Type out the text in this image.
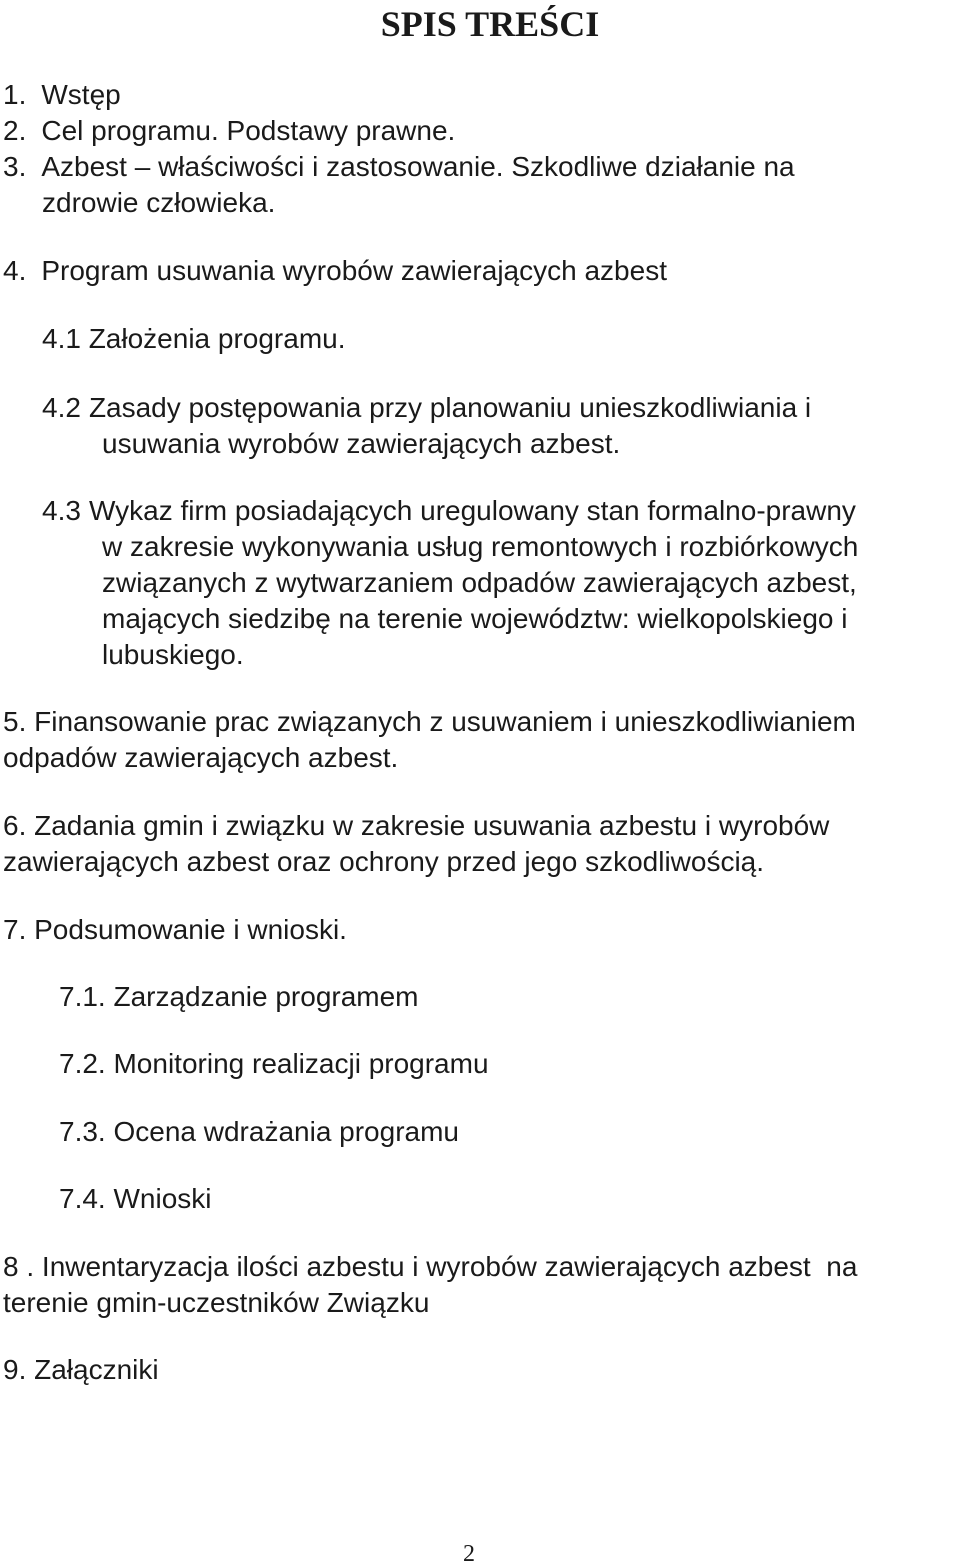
SPIS TREŚCI
1. Wstęp
2. Cel programu. Podstawy prawne.
3. Azbest – właściwości i zastosowanie. Szkodliwe działanie na
zdrowie człowieka.
4. Program usuwania wyrobów zawierających azbest
4.1 Założenia programu.
4.2 Zasady postępowania przy planowaniu unieszkodliwiania i
usuwania wyrobów zawierających azbest.
4.3 Wykaz firm posiadających uregulowany stan formalno-prawny
w zakresie wykonywania usług remontowych i rozbiórkowych
związanych z wytwarzaniem odpadów zawierających azbest,
mających siedzibę na terenie województw: wielkopolskiego i
lubuskiego.
5. Finansowanie prac związanych z usuwaniem i unieszkodliwianiem
odpadów zawierających azbest.
6. Zadania gmin i związku w zakresie usuwania azbestu i wyrobów
zawierających azbest oraz ochrony przed jego szkodliwością.
7. Podsumowanie i wnioski.
7.1. Zarządzanie programem
7.2. Monitoring realizacji programu
7.3. Ocena wdrażania programu
7.4. Wnioski
8 . Inwentaryzacja ilości azbestu i wyrobów zawierających azbest  na
terenie gmin-uczestników Związku
9. Załączniki
2
